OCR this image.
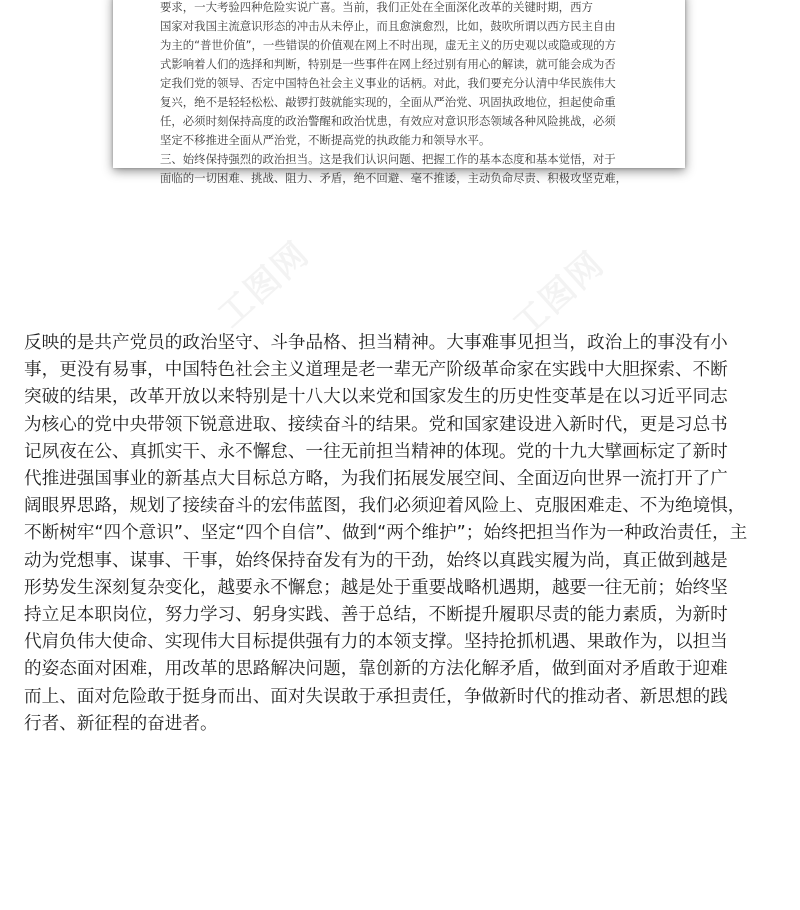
要求，一大考验四种危险实说广喜。当前，我们正处在全面深化改革的关键时期，西方

国家对我国主流意识形态的冲击从未停止，而且愈演愈烈，比如，鼓吹所谓以西方民主自由

为主的“普世价值”，一些错误的价值观在网上不时出现，虚无主义的历史观以或隐或现的方

式影响着人们的选择和判断，特别是一些事件在网上经过别有用心的解读，就可能会成为否

定我们党的领导、否定中国特色社会主义事业的话柄。对此，我们要充分认清中华民族伟大

复兴，绝不是轻轻松松、敲锣打鼓就能实现的，全面从严治党、巩固执政地位，担起使命重

任，必须时刻保持高度的政治警醒和政治忧患，有效应对意识形态领域各种风险挑战，必须

坚定不移推进全面从严治党，不断提高党的执政能力和领导水平。

三、始终保持强烈的政治担当。这是我们认识问题、把握工作的基本态度和基本觉悟，对于

面临的一切困难、挑战、阻力、矛盾，绝不回避、毫不推诿，主动负命尽责、积极攻坚克难，

工图网	工图网

反映的是共产党员的政治坚守、斗争品格、担当精神。大事难事见担当，政治上的事没有小

事，更没有易事，中国特色社会主义道理是老一辈无产阶级革命家在实践中大胆探索、不断

突破的结果，改革开放以来特别是十八大以来党和国家发生的历史性变革是在以习近平同志

为核心的党中央带领下锐意进取、接续奋斗的结果。党和国家建设进入新时代，更是习总书

记夙夜在公、真抓实干、永不懈怠、一往无前担当精神的体现。党的十九大擘画标定了新时

代推进强国事业的新基点大目标总方略，为我们拓展发展空间、全面迈向世界一流打开了广

阔眼界思路，规划了接续奋斗的宏伟蓝图，我们必须迎着风险上、克服困难走、不为绝境惧，

不断树牢“四个意识”、坚定“四个自信”、做到“两个维护”；始终把担当作为一种政治责任，主

动为党想事、谋事、干事，始终保持奋发有为的干劲，始终以真践实履为尚，真正做到越是

形势发生深刻复杂变化，越要永不懈怠；越是处于重要战略机遇期，越要一往无前；始终坚

持立足本职岗位，努力学习、躬身实践、善于总结，不断提升履职尽责的能力素质，为新时

代肩负伟大使命、实现伟大目标提供强有力的本领支撑。坚持抢抓机遇、果敢作为，以担当

的姿态面对困难，用改革的思路解决问题，靠创新的方法化解矛盾，做到面对矛盾敢于迎难

而上、面对危险敢于挺身而出、面对失误敢于承担责任，争做新时代的推动者、新思想的践

行者、新征程的奋进者。
